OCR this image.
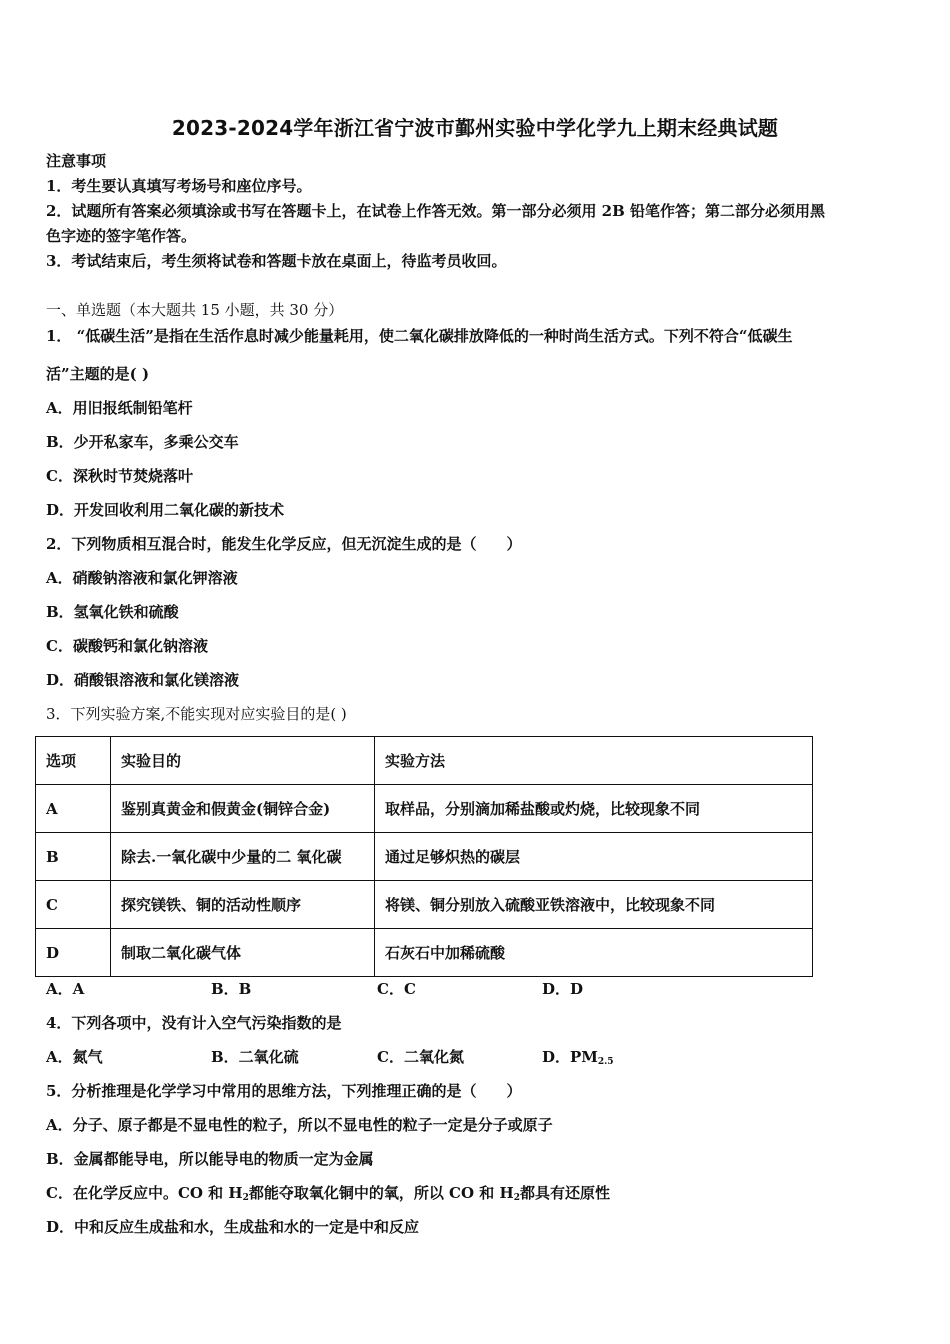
2023-2024学年浙江省宁波市鄞州实验中学化学九上期末经典试题
注意事项
1．考生要认真填写考场号和座位序号。
2．试题所有答案必须填涂或书写在答题卡上，在试卷上作答无效。第一部分必须用 2B 铅笔作答；第二部分必须用黑
色字迹的签字笔作答。
3．考试结束后，考生须将试卷和答题卡放在桌面上，待监考员收回。
一、单选题（本大题共 15 小题，共 30 分）
1． “低碳生活”是指在生活作息时减少能量耗用，使二氧化碳排放降低的一种时尚生活方式。下列不符合“低碳生
活”主题的是( )
A．用旧报纸制铅笔杆
B．少开私家车，多乘公交车
C．深秋时节焚烧落叶
D．开发回收利用二氧化碳的新技术
2．下列物质相互混合时，能发生化学反应，但无沉淀生成的是（　　）
A．硝酸钠溶液和氯化钾溶液
B．氢氧化铁和硫酸
C．碳酸钙和氯化钠溶液
D．硝酸银溶液和氯化镁溶液
3．下列实验方案,不能实现对应实验目的是( )
选项	实验目的	实验方法
A	鉴别真黄金和假黄金(铜锌合金)	取样品，分别滴加稀盐酸或灼烧，比较现象不同
B	除去.一氧化碳中少量的二 氧化碳	通过足够炽热的碳层
C	探究镁铁、铜的活动性顺序	将镁、铜分别放入硫酸亚铁溶液中，比较现象不同
D	制取二氧化碳气体	石灰石中加稀硫酸
A．A	B．B	C．C	D．D
4．下列各项中，没有计入空气污染指数的是
A．氮气	B．二氧化硫	C．二氧化氮	D．$PM_{2.5}$
5．分析推理是化学学习中常用的思维方法，下列推理正确的是（　　）
A．分子、原子都是不显电性的粒子，所以不显电性的粒子一定是分子或原子
B．金属都能导电，所以能导电的物质一定为金属
C．在化学反应中。CO 和 $H_2$都能夺取氧化铜中的氧，所以 CO 和 $H_2$都具有还原性
D．中和反应生成盐和水，生成盐和水的一定是中和反应
